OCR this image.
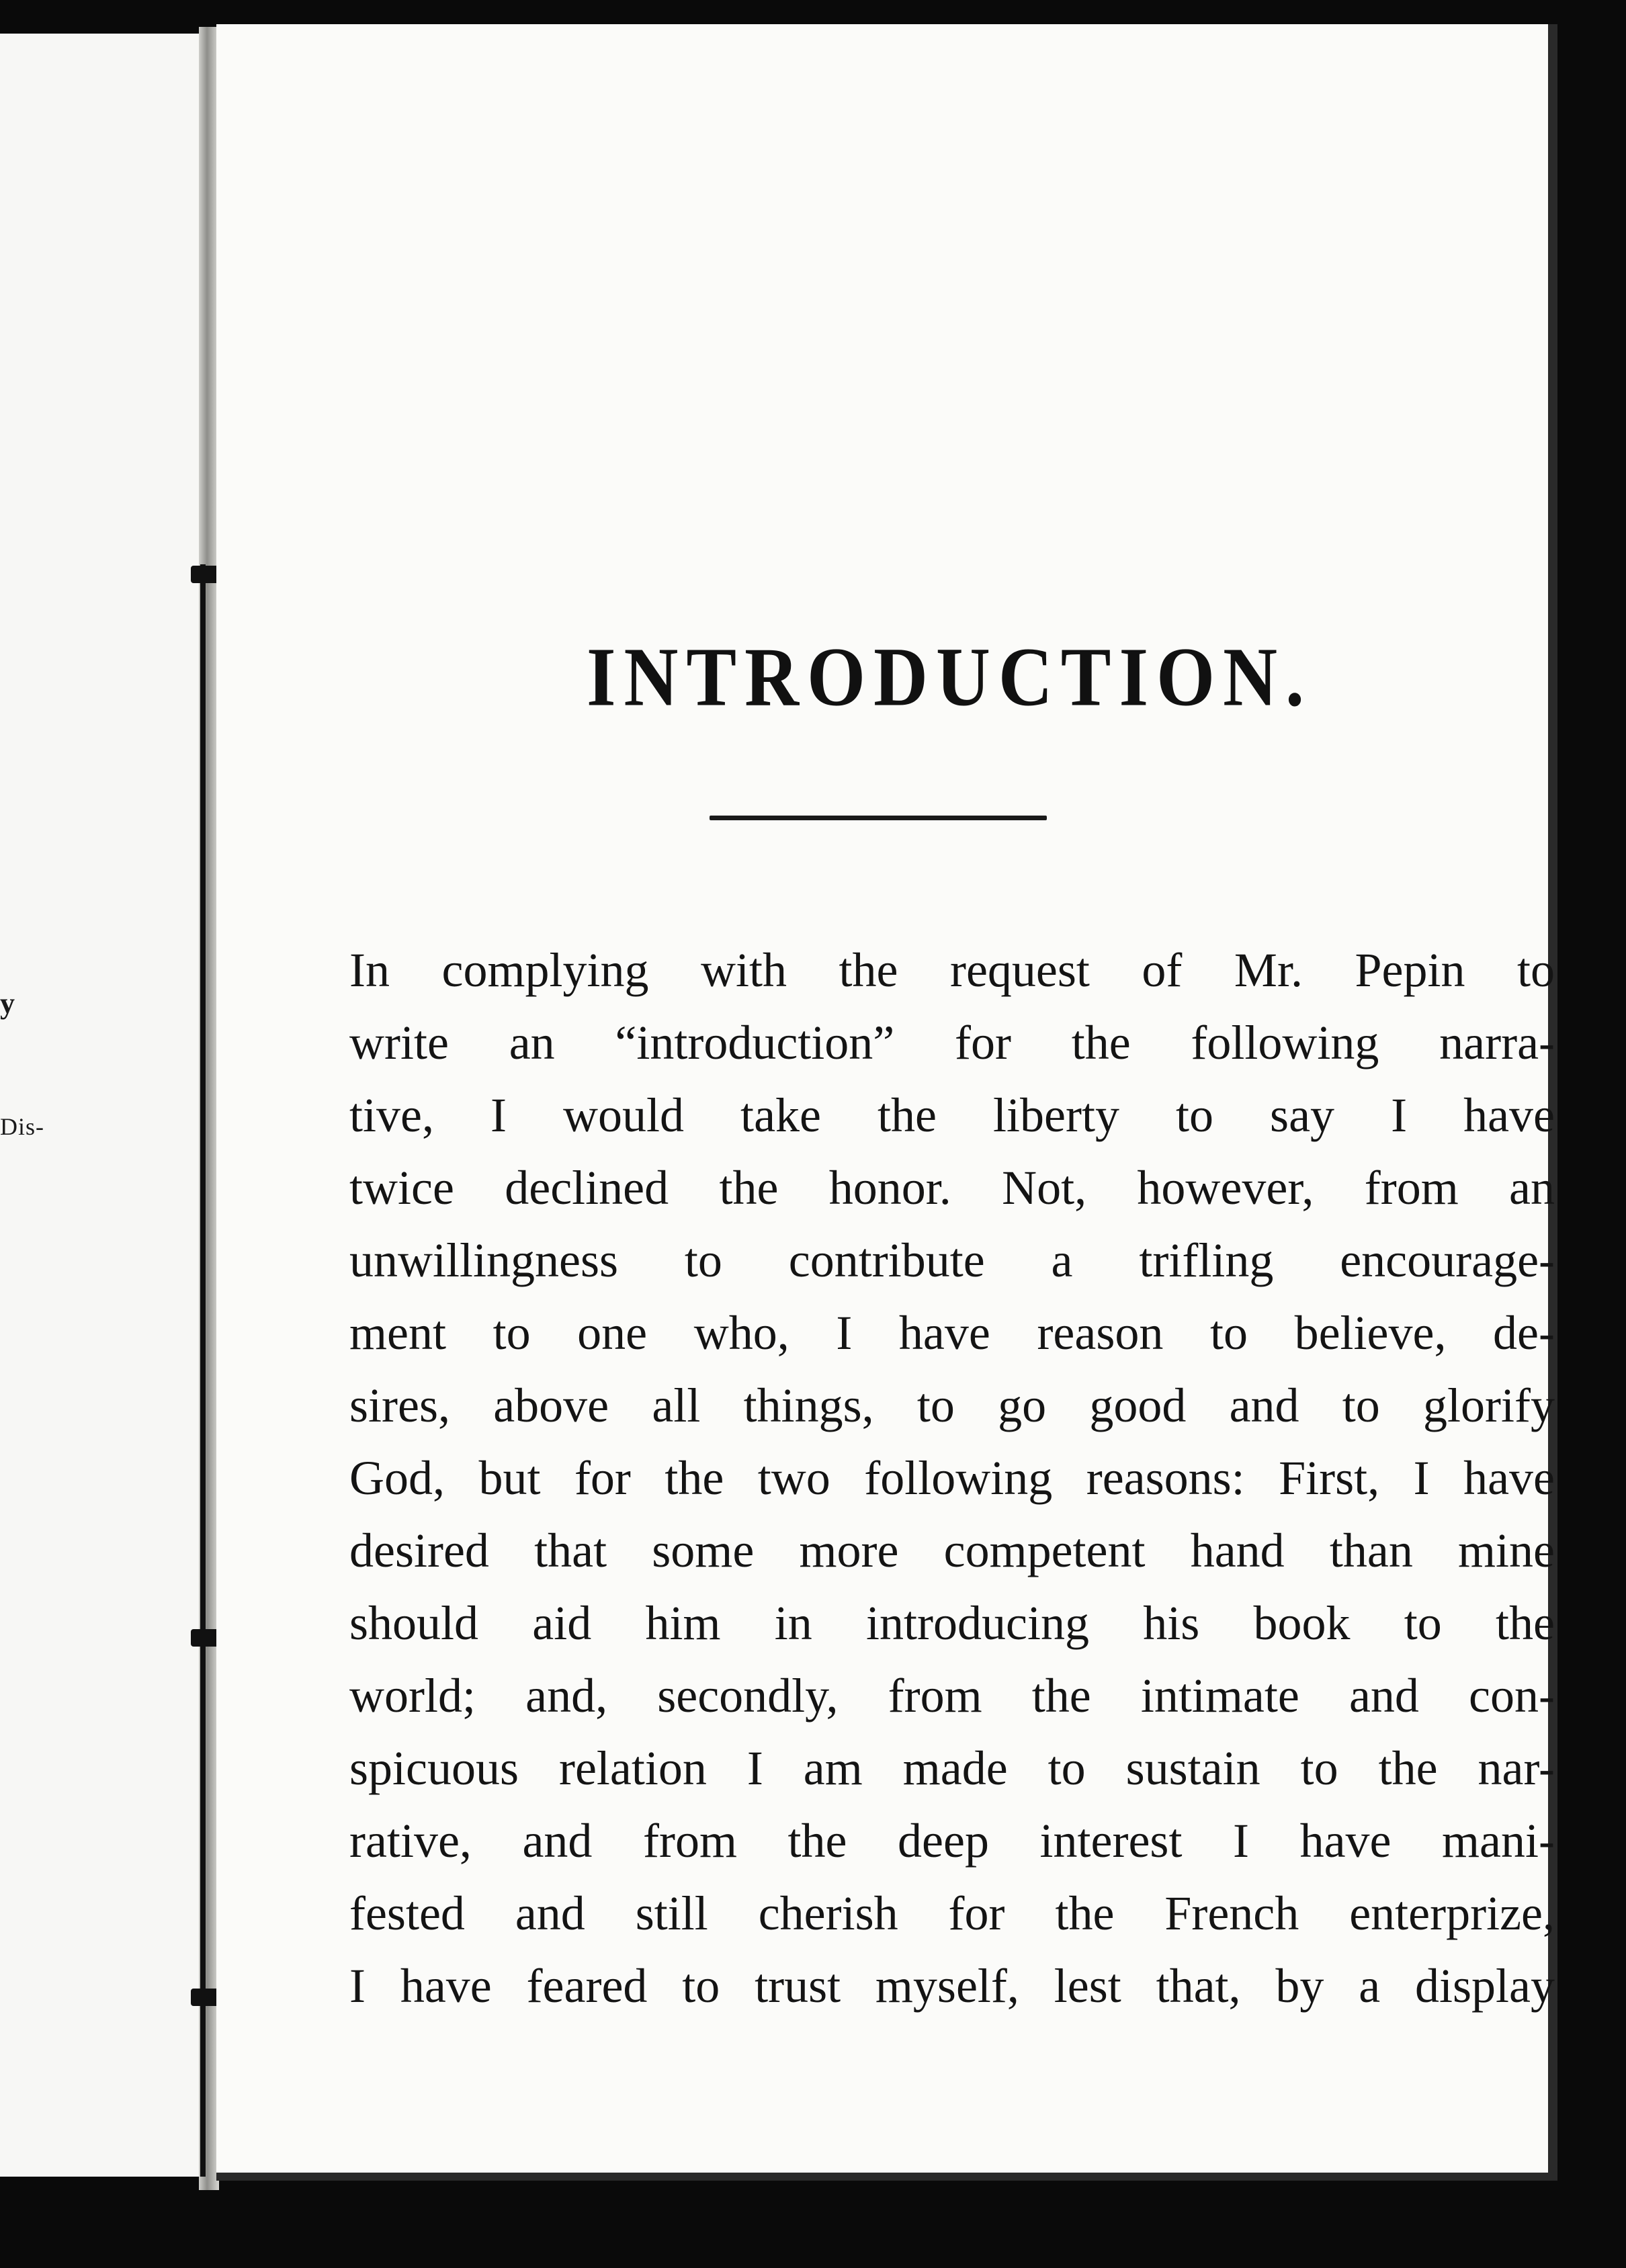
y
Dis-
INTRODUCTION.
In complying with the request of Mr. Pepin to
write an “introduction” for the following narra-
tive, I would take the liberty to say I have
twice declined the honor. Not, however, from an
unwillingness to contribute a trifling encourage-
ment to one who, I have reason to believe, de-
sires, above all things, to go good and to glorify
God, but for the two following reasons: First, I have
desired that some more competent hand than mine
should aid him in introducing his book to the
world; and, secondly, from the intimate and con-
spicuous relation I am made to sustain to the nar-
rative, and from the deep interest I have mani-
fested and still cherish for the French enterprize,
I have feared to trust myself, lest that, by a display
